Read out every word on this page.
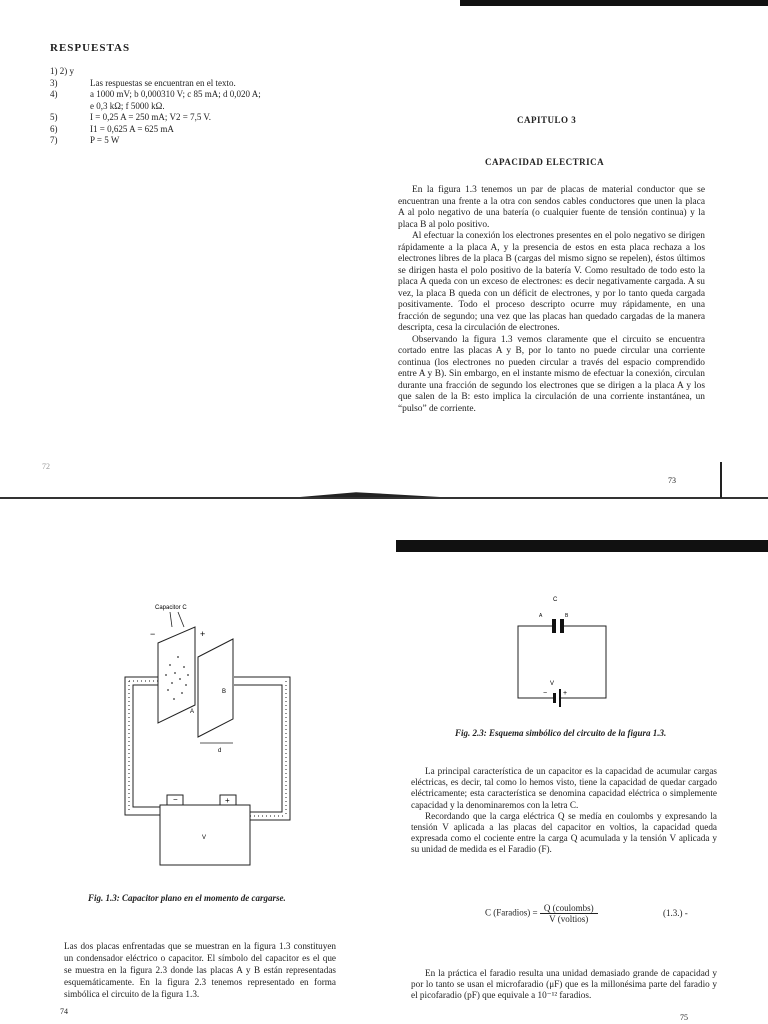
RESPUESTAS
1) 2) y
3)	Las respuestas se encuentran en el texto.
4)	a 1000 mV; b 0,000310 V; c 85 mA; d 0,020 A;
e 0,3 kΩ; f 5000 kΩ.
5)	I = 0,25 A = 250 mA; V2 = 7,5 V.
6)	I1 = 0,625 A = 625 mA
7)	P = 5 W
72
CAPITULO 3
CAPACIDAD ELECTRICA

En la figura 1.3 tenemos un par de placas de material conductor que se encuentran una frente a la otra con sendos cables conductores que unen la placa A al polo negativo de una batería (o cualquier fuente de tensión continua) y la placa B al polo positivo.

Al efectuar la conexión los electrones presentes en el polo negativo se dirigen rápidamente a la placa A, y la presencia de estos en esta placa rechaza a los electrones libres de la placa B (cargas del mismo signo se repelen), éstos últimos se dirigen hasta el polo positivo de la batería V. Como resultado de todo esto la placa A queda con un exceso de electrones: es decir negativamente cargada. A su vez, la placa B queda con un déficit de electrones, y por lo tanto queda cargada positivamente. Todo el proceso descripto ocurre muy rápidamente, en una fracción de segundo; una vez que las placas han quedado cargadas de la manera descripta, cesa la circulación de electrones.

Observando la figura 1.3 vemos claramente que el circuito se encuentra cortado entre las placas A y B, por lo tanto no puede circular una corriente continua (los electrones no pueden circular a través del espacio comprendido entre A y B). Sin embargo, en el instante mismo de efectuar la conexión, circulan durante una fracción de segundo los electrones que se dirigen a la placa A y los que salen de la B: esto implica la circulación de una corriente instantánea, un “pulso” de corriente.

73
Capacitor C
−	+
A
B
d
−	+
V
Fig. 1.3: Capacitor plano en el momento de cargarse.

Las dos placas enfrentadas que se muestran en la figura 1.3 constituyen un condensador eléctrico o capacitor. El símbolo del capacitor es el que se muestra en la figura 2.3 donde las placas A y B están representadas esquemáticamente. En la figura 2.3 tenemos representado en forma simbólica el circuito de la figura 1.3.

74
C
A	B
V
− +
Fig. 2.3: Esquema simbólico del circuito de la figura 1.3.

La principal característica de un capacitor es la capacidad de acumular cargas eléctricas, es decir, tal como lo hemos visto, tiene la capacidad de quedar cargado eléctricamente; esta característica se denomina capacidad eléctrica o simplemente capacidad y la denominaremos con la letra C.

Recordando que la carga eléctrica Q se medía en coulombs y expresando la tensión V aplicada a las placas del capacitor en voltios, la capacidad queda expresada como el cociente entre la carga Q acumulada y la tensión V aplicada y su unidad de medida es el Faradio (F).

C (Faradios) = $\frac{\text{Q (coulombs)}}{\text{V (voltios)}}$	(1.3.) -

En la práctica el faradio resulta una unidad demasiado grande de capacidad y por lo tanto se usan el microfaradio (μF) que es la millonésima parte del faradio y el picofaradio (pF) que equivale a 10⁻¹² faradios.

75
